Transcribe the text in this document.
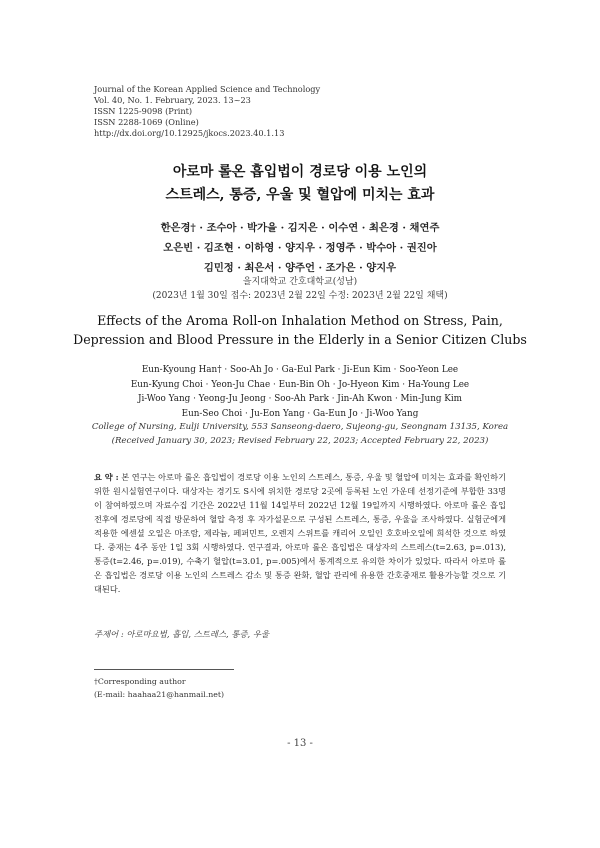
Journal of the Korean Applied Science and Technology
Vol. 40, No. 1. February, 2023. 13~23
ISSN 1225-9098 (Print)
ISSN 2288-1069 (Online)
http://dx.doi.org/10.12925/jkocs.2023.40.1.13
아로마 롤온 흡입법이 경로당 이용 노인의
스트레스, 통증, 우울 및 혈압에 미치는 효과
한은경† · 조수아 · 박가을 · 김지은 · 이수연 · 최은경 · 채연주
오은빈 · 김조현 · 이하영 · 양지우 · 정영주 · 박수아 · 권진아
김민정 · 최은서 · 양주언 · 조가은 · 양지우
을지대학교 간호대학교(성남)
(2023년 1월 30일 접수: 2023년 2월 22일 수정: 2023년 2월 22일 채택)
Effects of the Aroma Roll-on Inhalation Method on Stress, Pain,
Depression and Blood Pressure in the Elderly in a Senior Citizen Clubs
Eun-Kyoung Han† · Soo-Ah Jo · Ga-Eul Park · Ji-Eun Kim · Soo-Yeon Lee
Eun-Kyung Choi · Yeon-Ju Chae · Eun-Bin Oh · Jo-Hyeon Kim · Ha-Young Lee
Ji-Woo Yang · Yeong-Ju Jeong · Soo-Ah Park · Jin-Ah Kwon · Min-Jung Kim
Eun-Seo Choi · Ju-Eon Yang · Ga-Eun Jo · Ji-Woo Yang
College of Nursing, Eulji University, 553 Sanseong-daero, Sujeong-gu, Seongnam 13135, Korea
(Received January 30, 2023; Revised February 22, 2023; Accepted February 22, 2023)
요 약 : 본 연구는 아로마 롤온 흡입법이 경로당 이용 노인의 스트레스, 통증, 우울 및 혈압에 미치는 효과를 확인하기 위한 원시실험연구이다. 대상자는 경기도 S시에 위치한 경로당 2곳에 등록된 노인 가운데 선정기준에 부합한 33명이 참여하였으며 자료수집 기간은 2022년 11월 14일부터 2022년 12월 19일까지 시행하였다. 아로마 롤온 흡입 전후에 경로당에 직접 방문하여 혈압 측정 후 자가설문으로 구성된 스트레스, 통증, 우울을 조사하였다. 실험군에게 적용한 에센셜 오일은 마조람, 제라늄, 페퍼민트, 오렌지 스위트를 캐리어 오일인 호호바오일에 희석한 것으로 하였다. 중재는 4주 동안 1일 3회 시행하였다. 연구결과, 아로마 롤온 흡입법은 대상자의 스트레스(t=2.63, p=.013), 통증(t=2.46, p=.019), 수축기 혈압(t=3.01, p=.005)에서 통계적으로 유의한 차이가 있었다. 따라서 아로마 롤온 흡입법은 경로당 이용 노인의 스트레스 감소 및 통증 완화, 혈압 관리에 유용한 간호중재로 활용가능할 것으로 기대된다.
주제어 : 아로마요법, 흡입, 스트레스, 통증, 우울
†Corresponding author
(E-mail: haahaa21@hanmail.net)
- 13 -
